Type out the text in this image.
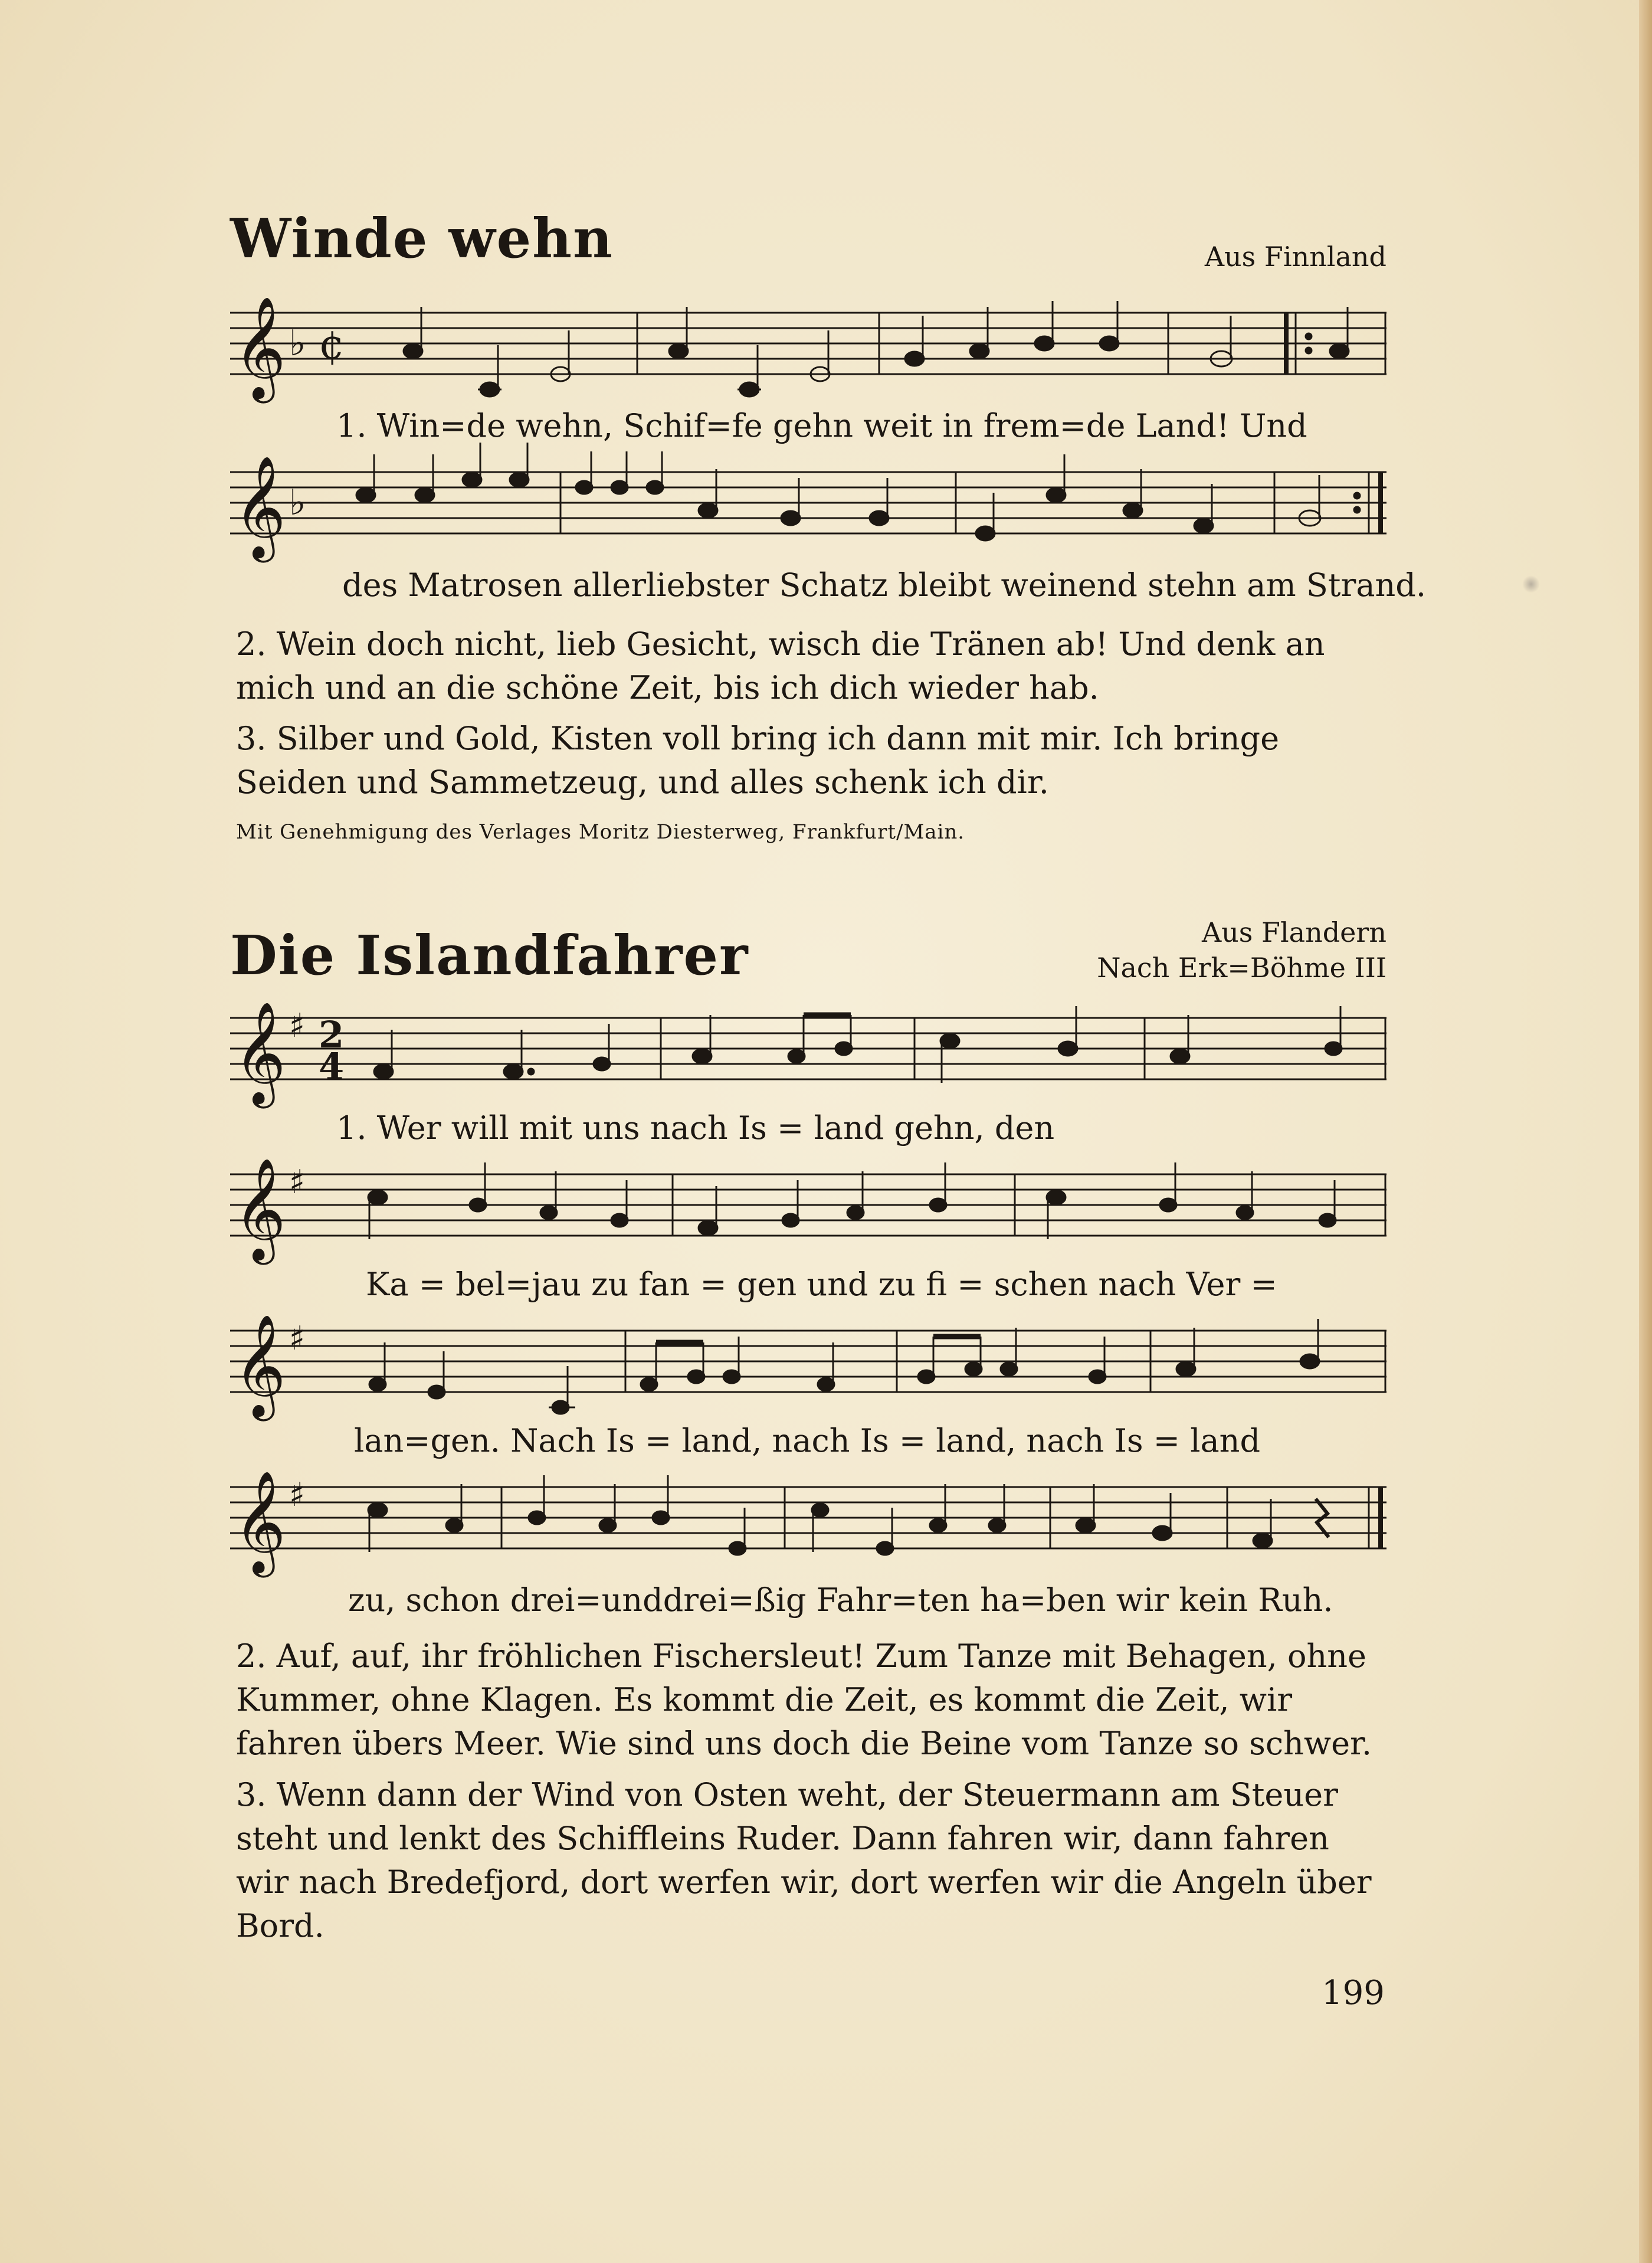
Winde wehn	Aus Finnland
𝄞 ♭ ¢
1. Win=de wehn, Schif=fe gehn weit in frem=de Land! Und
𝄞 ♭
des Matrosen allerliebster Schatz bleibt weinend stehn am Strand.
2. Wein doch nicht, lieb Gesicht, wisch die Tränen ab! Und denk an mich und an die schöne Zeit, bis ich dich wieder hab.
3. Silber und Gold, Kisten voll bring ich dann mit mir. Ich bringe Seiden und Sammetzeug, und alles schenk ich dir.
Mit Genehmigung des Verlages Moritz Diesterweg, Frankfurt/Main.
Die Islandfahrer	Aus Flandern
Nach Erk=Böhme III
𝄞 ♯ 2
4
1. Wer will mit uns nach Is = land gehn, den
𝄞 ♯
Ka = bel=jau zu fan = gen und zu fi = schen nach Ver =
𝄞 ♯
lan=gen. Nach Is = land, nach Is = land, nach Is = land
𝄞 ♯
zu, schon drei=unddrei=ßig Fahr=ten ha=ben wir kein Ruh.
2. Auf, auf, ihr fröhlichen Fischersleut! Zum Tanze mit Behagen, ohne Kummer, ohne Klagen. Es kommt die Zeit, es kommt die Zeit, wir fahren übers Meer. Wie sind uns doch die Beine vom Tanze so schwer.
3. Wenn dann der Wind von Osten weht, der Steuermann am Steuer steht und lenkt des Schiffleins Ruder. Dann fahren wir, dann fahren wir nach Bredefjord, dort werfen wir, dort werfen wir die Angeln über Bord.
199
